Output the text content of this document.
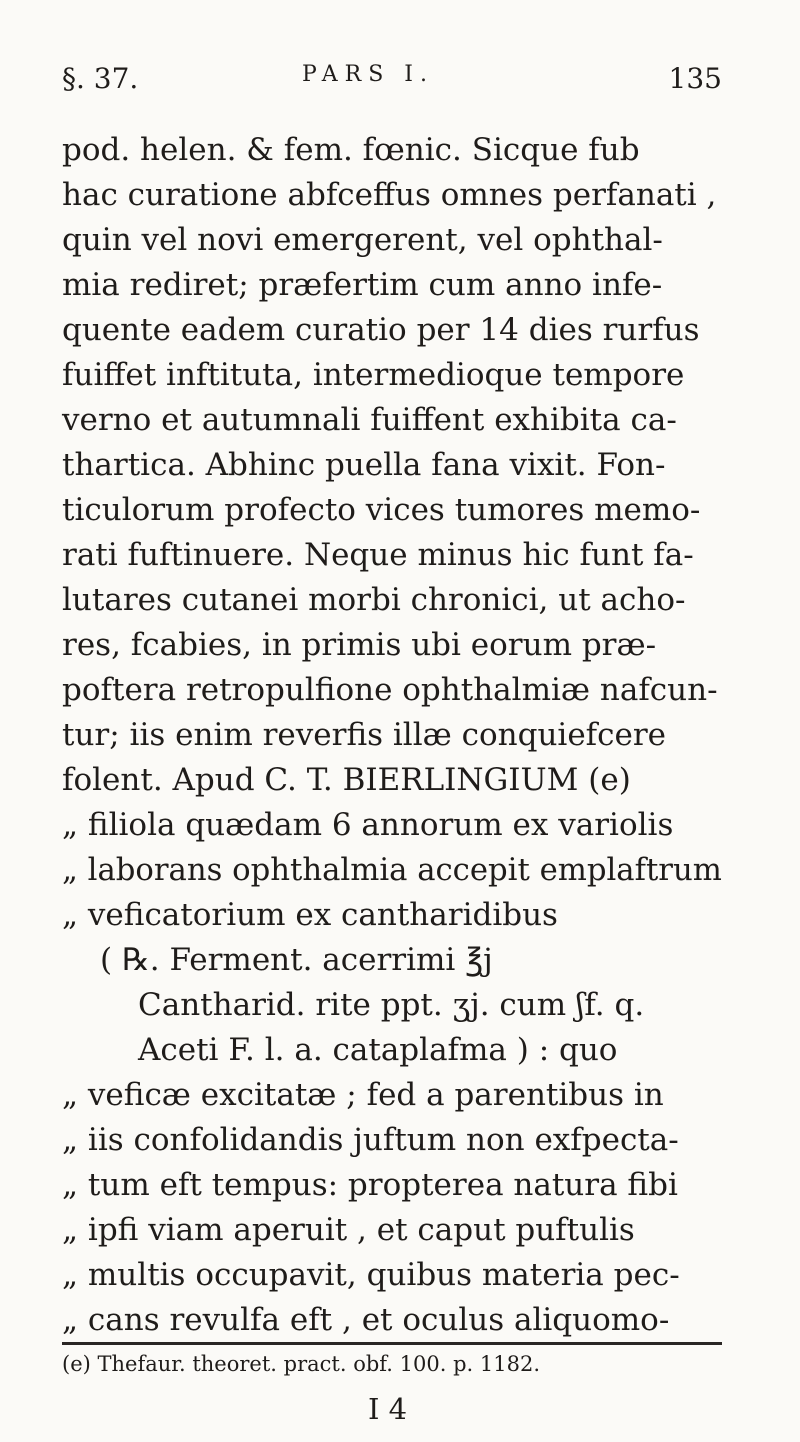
§. 37.	PARS I.	135
pod. helen. & fem. fœnic. Sicque fub
hac curatione abfceffus omnes perfanati ,
quin vel novi emergerent, vel ophthal-
mia rediret; præfertim cum anno infe-
quente eadem curatio per 14 dies rurfus
fuiffet inftituta, intermedioque tempore
verno et autumnali fuiffent exhibita ca-
thartica. Abhinc puella fana vixit. Fon-
ticulorum profecto vices tumores memo-
rati fuftinuere. Neque minus hic funt fa-
lutares cutanei morbi chronici, ut acho-
res, fcabies, in primis ubi eorum præ-
poftera retropulfione ophthalmiæ nafcun-
tur; iis enim reverfis illæ conquiefcere
folent. Apud C. T. BIERLINGIUM (e)
„ filiola quædam 6 annorum ex variolis
„ laborans ophthalmia accepit emplaftrum
„ veficatorium ex cantharidibus
( ℞. Ferment. acerrimi ℥j
Cantharid. rite ppt. ʒj. cum ʃf. q.
Aceti F. l. a. cataplafma ) : quo
„ veficæ excitatæ ; fed a parentibus in
„ iis confolidandis juftum non exfpecta-
„ tum eft tempus: propterea natura fibi
„ ipfi viam aperuit , et caput puftulis
„ multis occupavit, quibus materia pec-
„ cans revulfa eft , et oculus aliquomo-
(e) Thefaur. theoret. pract. obf. 100. p. 1182.
I 4
